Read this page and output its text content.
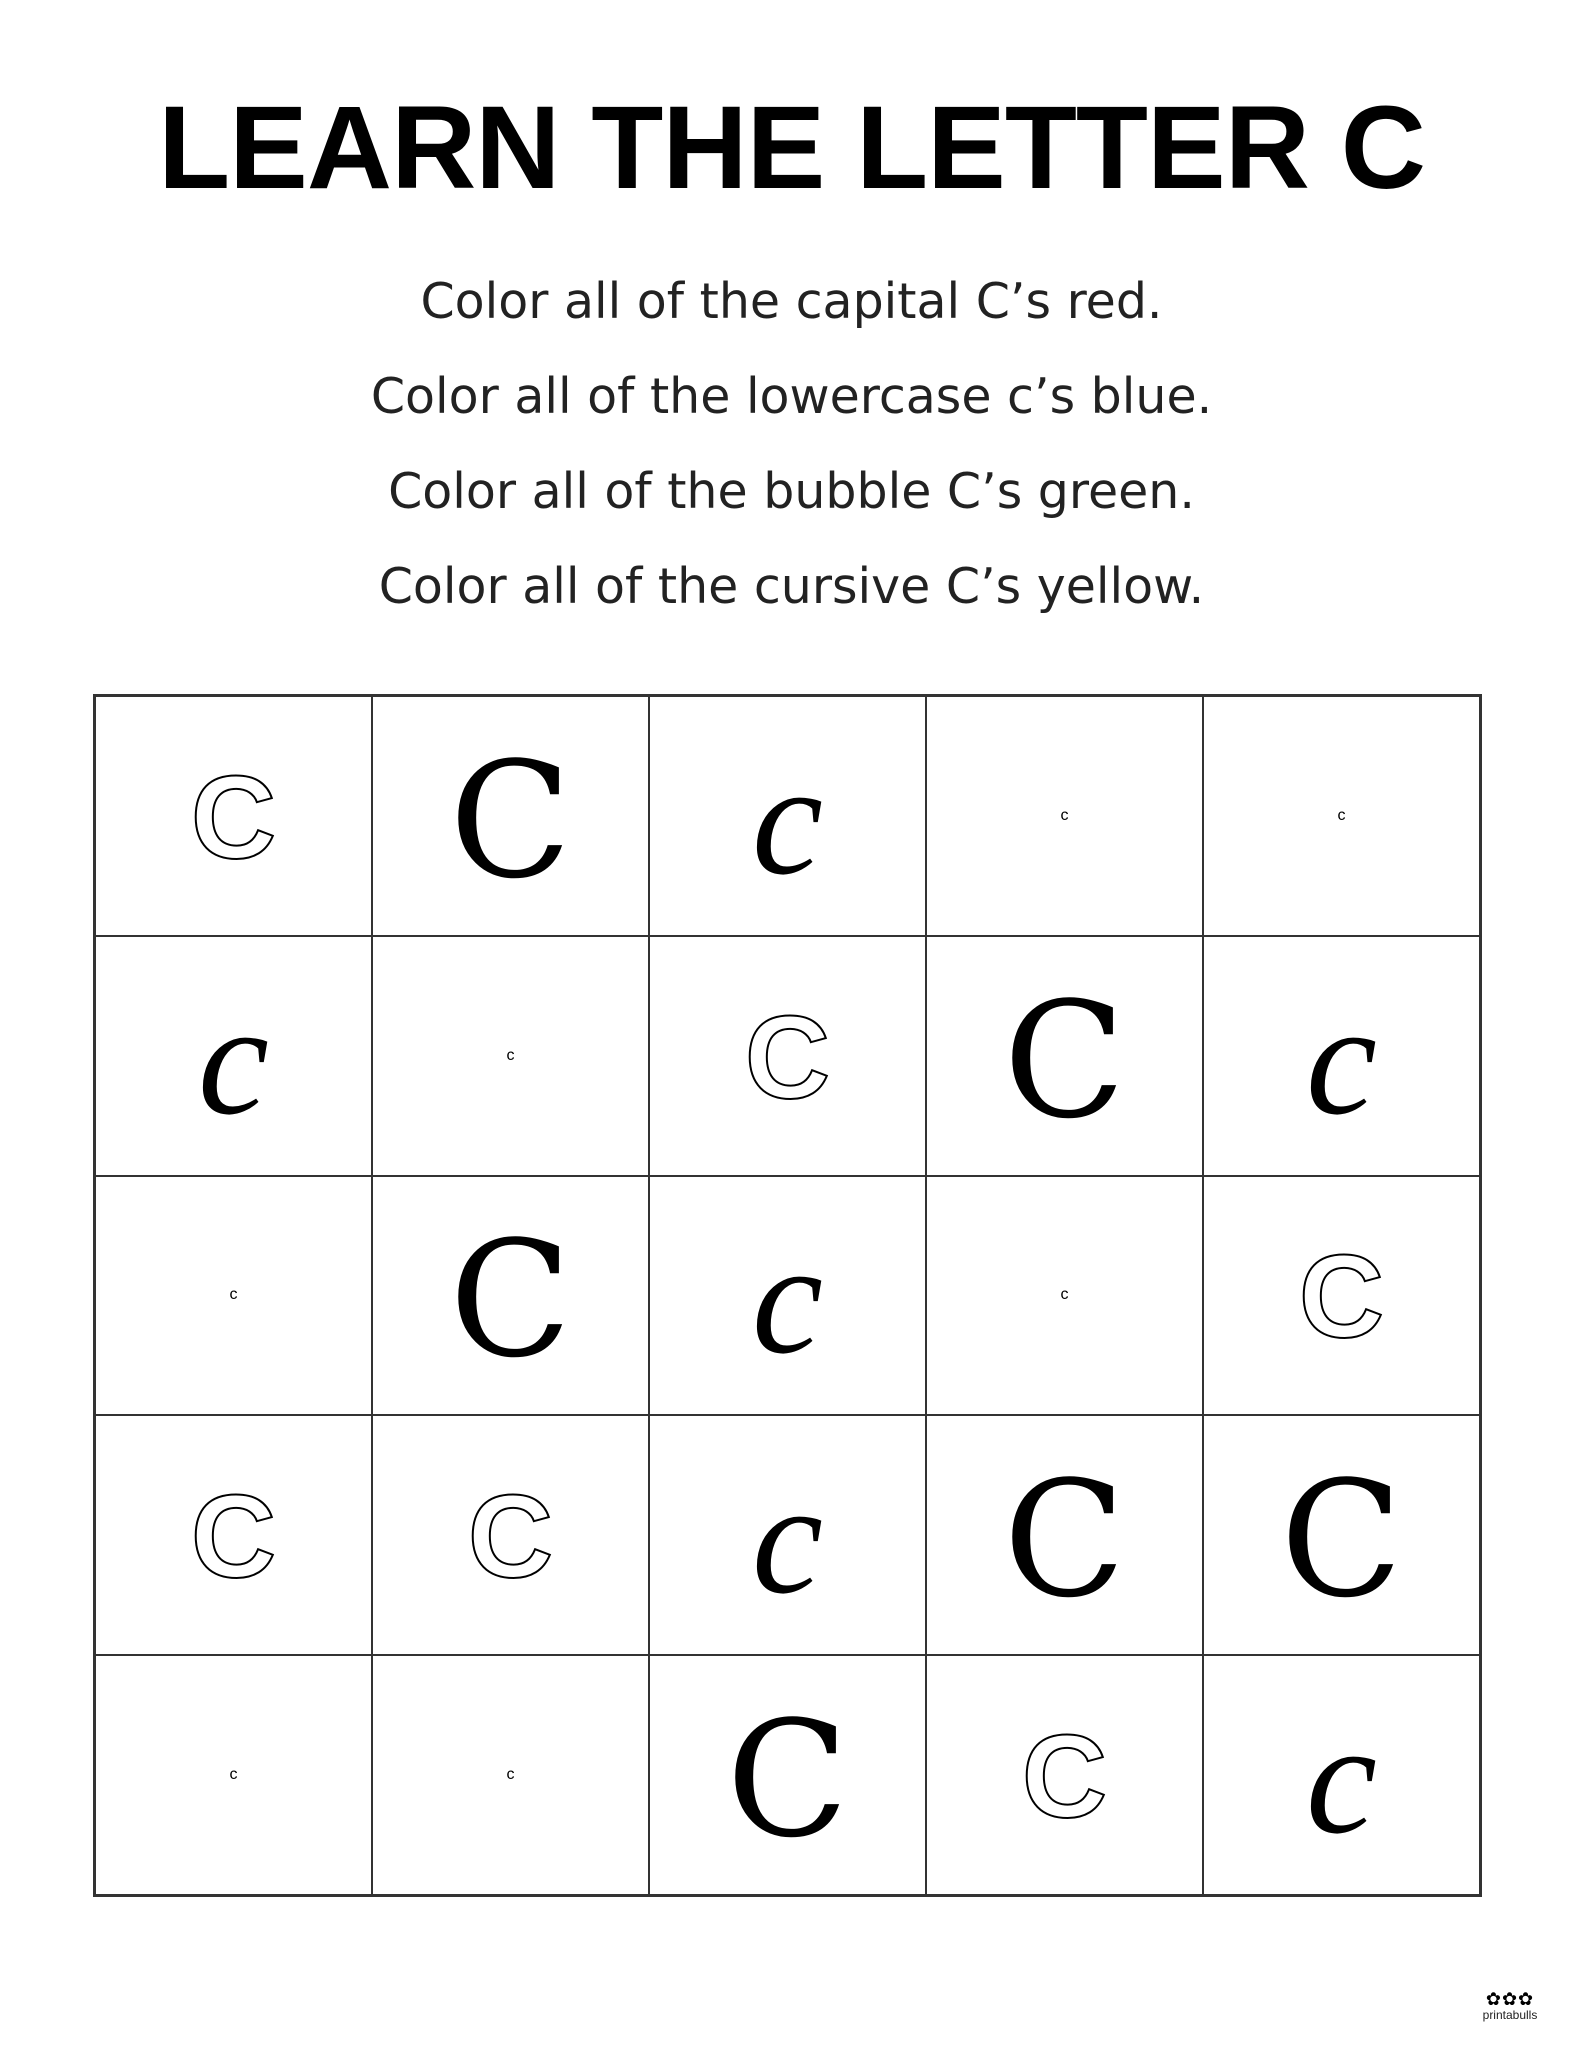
LEARN THE LETTER C
Color all of the capital C’s red.
Color all of the lowercase c’s blue.
Color all of the bubble C’s green.
Color all of the cursive C’s yellow.
C C c	c	c
c	c C C c
c C c	c C
C C c C C
c	c C C c
✿✿✿
printabulls
